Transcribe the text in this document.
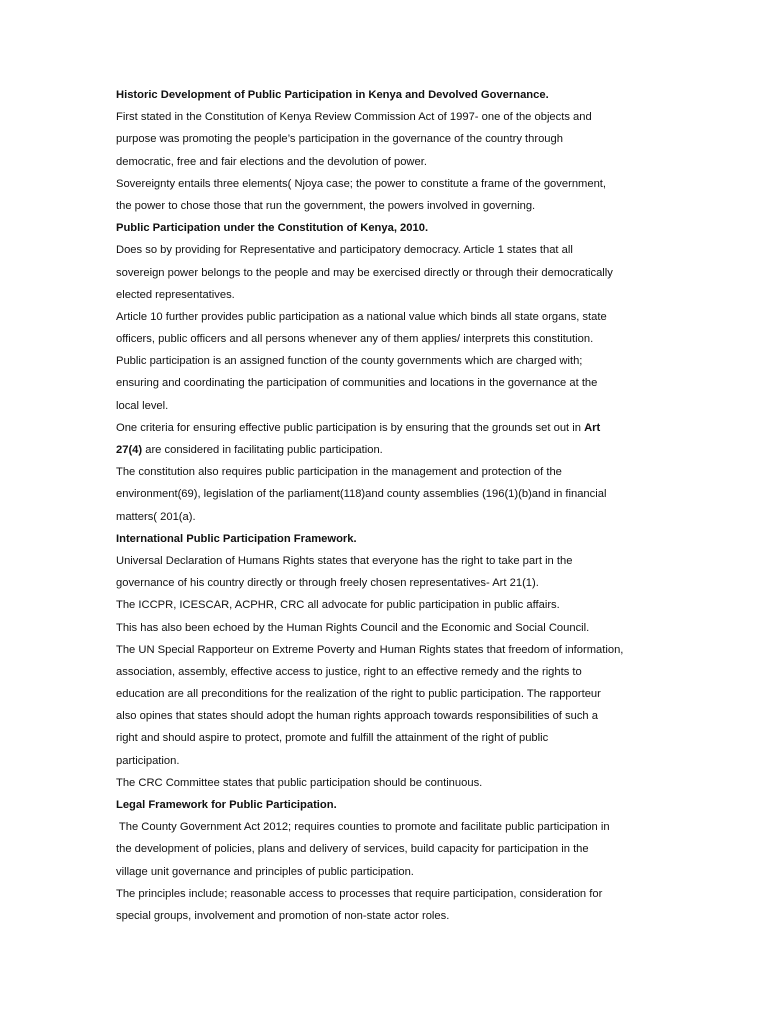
Historic Development of Public Participation in Kenya and Devolved Governance.
First stated in the Constitution of Kenya Review Commission Act of 1997- one of the objects and
purpose was promoting the people’s participation in the governance of the country through
democratic, free and fair elections and the devolution of power.
Sovereignty entails three elements( Njoya case; the power to constitute a frame of the government,
the power to chose those that run the government, the powers involved in governing.
Public Participation under the Constitution of Kenya, 2010.
Does so by providing for Representative and participatory democracy. Article 1 states that all
sovereign power belongs to the people and may be exercised directly or through their democratically
elected representatives.
Article 10 further provides public participation as a national value which binds all state organs, state
officers, public officers and all persons whenever any of them applies/ interprets this constitution.
Public participation is an assigned function of the county governments which are charged with;
ensuring and coordinating the participation of communities and locations in the governance at the
local level.
One criteria for ensuring effective public participation is by ensuring that the grounds set out in Art
27(4) are considered in facilitating public participation.
The constitution also requires public participation in the management and protection of the
environment(69), legislation of the parliament(118)and county assemblies (196(1)(b)and in financial
matters( 201(a).
International Public Participation Framework.
Universal Declaration of Humans Rights states that everyone has the right to take part in the
governance of his country directly or through freely chosen representatives- Art 21(1).
The ICCPR, ICESCAR, ACPHR, CRC all advocate for public participation in public affairs.
This has also been echoed by the Human Rights Council and the Economic and Social Council.
The UN Special Rapporteur on Extreme Poverty and Human Rights states that freedom of information,
association, assembly, effective access to justice, right to an effective remedy and the rights to
education are all preconditions for the realization of the right to public participation. The rapporteur
also opines that states should adopt the human rights approach towards responsibilities of such a
right and should aspire to protect, promote and fulfill the attainment of the right of public
participation.
The CRC Committee states that public participation should be continuous.
Legal Framework for Public Participation.
The County Government Act 2012; requires counties to promote and facilitate public participation in
the development of policies, plans and delivery of services, build capacity for participation in the
village unit governance and principles of public participation.
The principles include; reasonable access to processes that require participation, consideration for
special groups, involvement and promotion of non-state actor roles.
